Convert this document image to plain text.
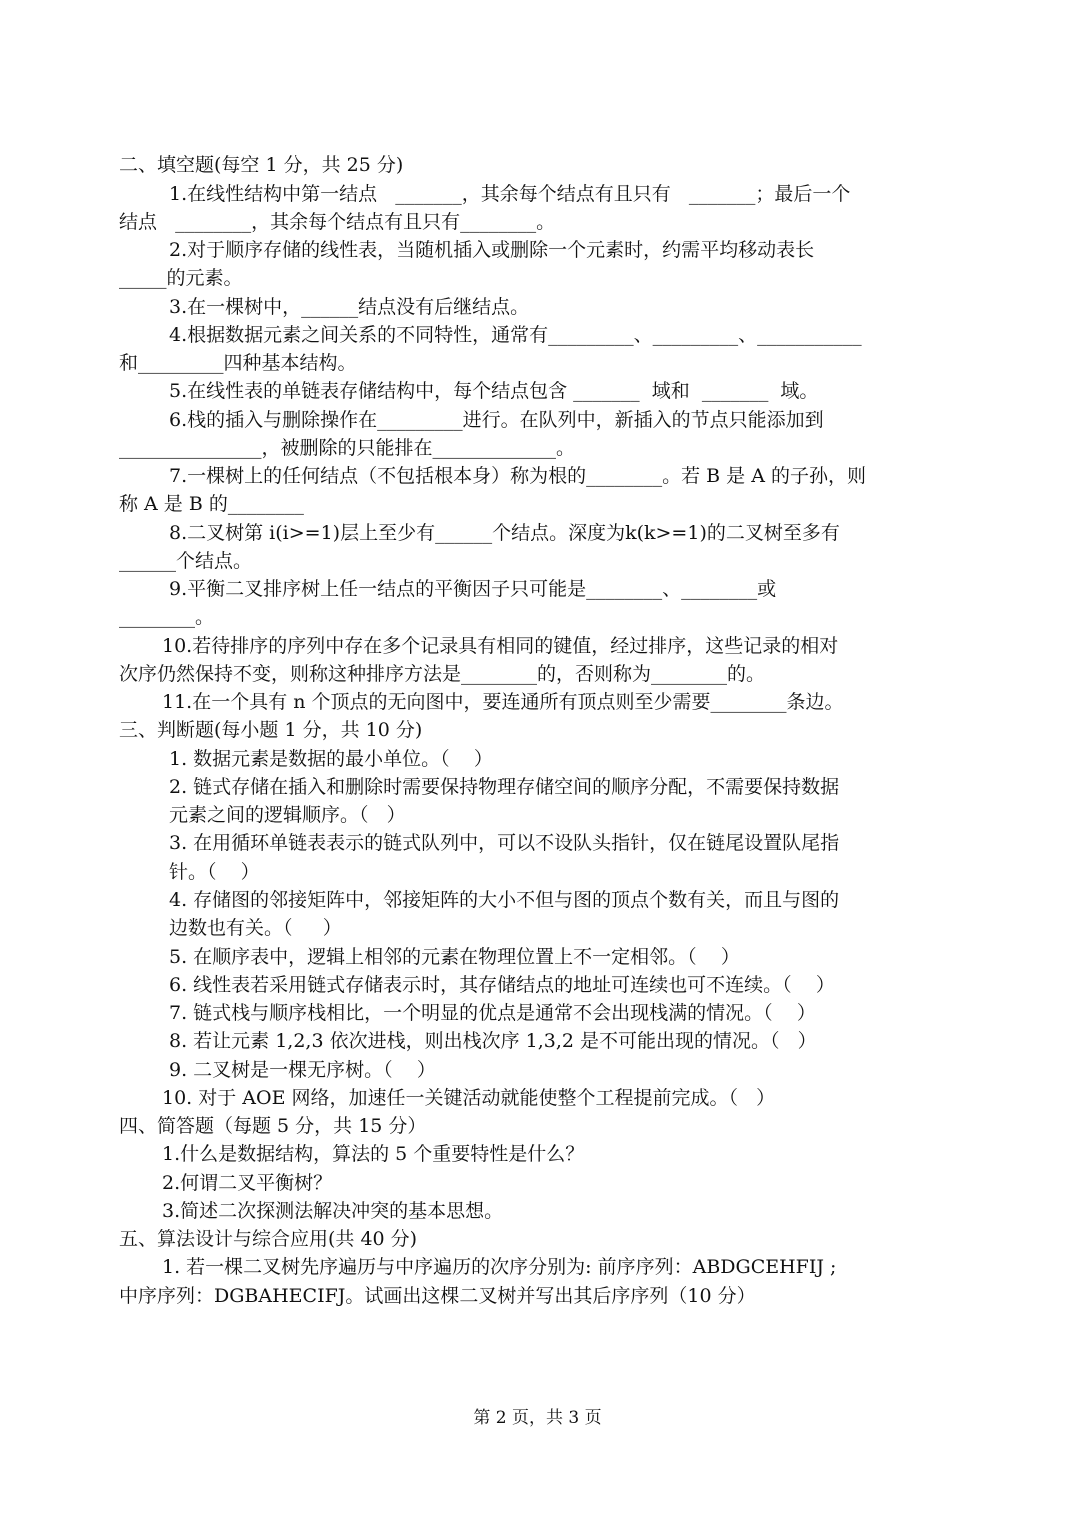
二、填空题(每空 1 分，共 25 分)
1.在线性结构中第一结点   _______，其余每个结点有且只有   _______；最后一个
结点   ________，其余每个结点有且只有________。
2.对于顺序存储的线性表，当随机插入或删除一个元素时，约需平均移动表长
_____的元素。
3.在一棵树中，______结点没有后继结点。
4.根据数据元素之间关系的不同特性，通常有_________、_________、___________
和_________四种基本结构。
5.在线性表的单链表存储结构中，每个结点包含 _______  域和  _______  域。
6.栈的插入与删除操作在_________进行。在队列中，新插入的节点只能添加到
_______________，被删除的只能排在_____________。
7.一棵树上的任何结点（不包括根本身）称为根的________。若 B 是 A 的子孙，则
称 A 是 B 的________
8.二叉树第 i(i>=1)层上至少有______个结点。深度为k(k>=1)的二叉树至多有
______个结点。
9.平衡二叉排序树上任一结点的平衡因子只可能是________、________或
________。
10.若待排序的序列中存在多个记录具有相同的键值，经过排序，这些记录的相对
次序仍然保持不变，则称这种排序方法是________的，否则称为________的。
11.在一个具有 n 个顶点的无向图中，要连通所有顶点则至少需要________条边。
三、判断题(每小题 1 分，共 10 分)
1. 数据元素是数据的最小单位。（    ）
2. 链式存储在插入和删除时需要保持物理存储空间的顺序分配，不需要保持数据
元素之间的逻辑顺序。（   ）
3. 在用循环单链表表示的链式队列中，可以不设队头指针，仅在链尾设置队尾指
针。（    ）
4. 存储图的邻接矩阵中，邻接矩阵的大小不但与图的顶点个数有关，而且与图的
边数也有关。（     ）
5. 在顺序表中，逻辑上相邻的元素在物理位置上不一定相邻。（    ）
6. 线性表若采用链式存储表示时，其存储结点的地址可连续也可不连续。（    ）
7. 链式栈与顺序栈相比，一个明显的优点是通常不会出现栈满的情况。（    ）
8. 若让元素 1,2,3 依次进栈，则出栈次序 1,3,2 是不可能出现的情况。（   ）
9. 二叉树是一棵无序树。（    ）
10. 对于 AOE 网络，加速任一关键活动就能使整个工程提前完成。（   ）
四、简答题（每题 5 分，共 15 分）
1.什么是数据结构，算法的 5 个重要特性是什么？
2.何谓二叉平衡树？
3.简述二次探测法解决冲突的基本思想。
五、算法设计与综合应用(共 40 分)
1. 若一棵二叉树先序遍历与中序遍历的次序分别为: 前序序列：ABDGCEHFIJ ;
中序序列：DGBAHECIFJ。试画出这棵二叉树并写出其后序序列（10 分）
第 2 页，共 3 页
